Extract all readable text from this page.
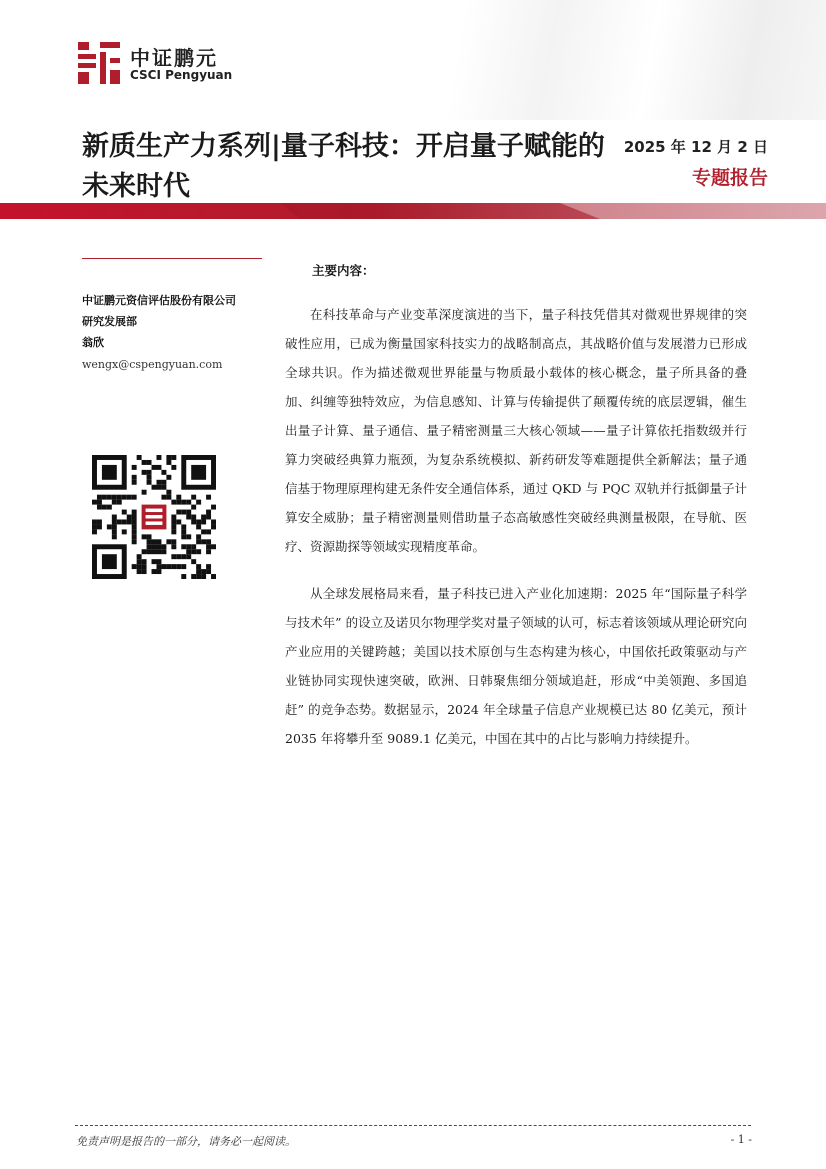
中证鹏元
CSCI Pengyuan
新质生产力系列|量子科技：开启量子赋能的未来时代
2025 年 12 月 2 日
专题报告
中证鹏元资信评估股份有限公司
研究发展部
翁欣
wengx@cspengyuan.com
主要内容：

在科技革命与产业变革深度演进的当下，量子科技凭借其对微观世界规律的突破性应用，已成为衡量国家科技实力的战略制高点，其战略价值与发展潜力已形成全球共识。作为描述微观世界能量与物质最小载体的核心概念，量子所具备的叠加、纠缠等独特效应，为信息感知、计算与传输提供了颠覆传统的底层逻辑，催生出量子计算、量子通信、量子精密测量三大核心领域——量子计算依托指数级并行算力突破经典算力瓶颈，为复杂系统模拟、新药研发等难题提供全新解法；量子通信基于物理原理构建无条件安全通信体系，通过 QKD 与 PQC 双轨并行抵御量子计算安全威胁；量子精密测量则借助量子态高敏感性突破经典测量极限，在导航、医疗、资源勘探等领域实现精度革命。

从全球发展格局来看，量子科技已进入产业化加速期：2025 年“国际量子科学与技术年” 的设立及诺贝尔物理学奖对量子领域的认可，标志着该领域从理论研究向产业应用的关键跨越；美国以技术原创与生态构建为核心，中国依托政策驱动与产业链协同实现快速突破，欧洲、日韩聚焦细分领域追赶，形成“中美领跑、多国追赶” 的竞争态势。数据显示，2024 年全球量子信息产业规模已达 80 亿美元，预计 2035 年将攀升至 9089.1 亿美元，中国在其中的占比与影响力持续提升。

免责声明是报告的一部分，请务必一起阅读。	- 1 -
